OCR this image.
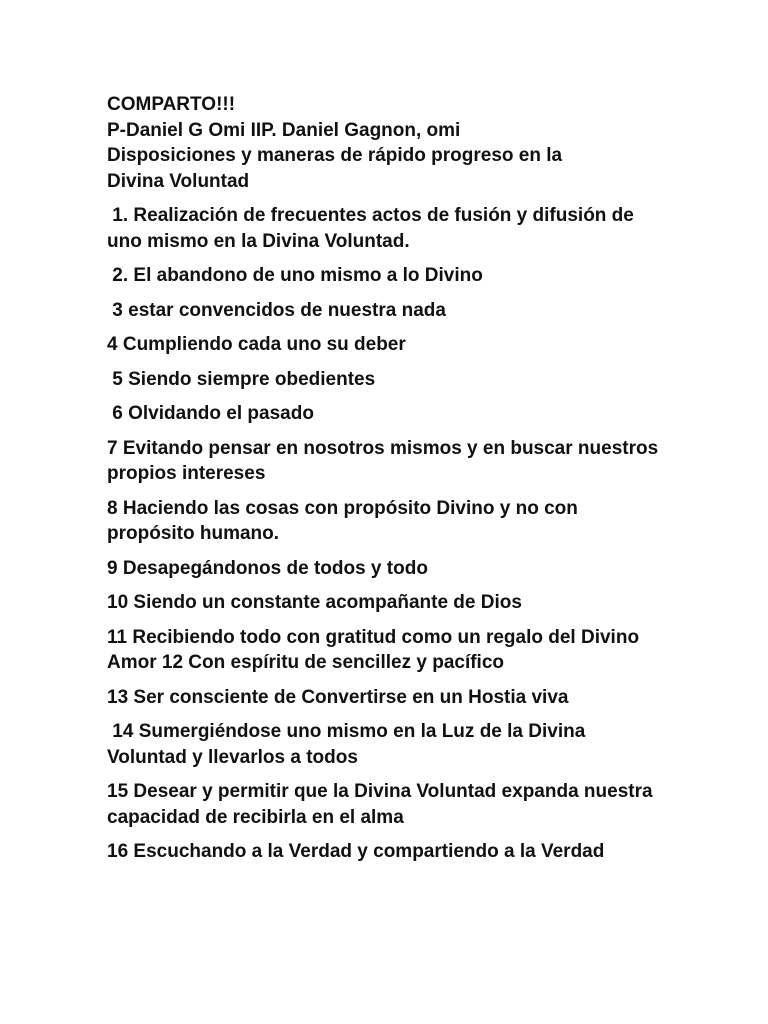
COMPARTO!!!
P-Daniel G Omi IIP. Daniel Gagnon, omi
Disposiciones y maneras de rápido progreso en la
Divina Voluntad
1. Realización de frecuentes actos de fusión y difusión de uno mismo en la Divina Voluntad.
2. El abandono de uno mismo a lo Divino
3 estar convencidos de nuestra nada
4 Cumpliendo cada uno su deber
5 Siendo siempre obedientes
6 Olvidando el pasado
7 Evitando pensar en nosotros mismos y en buscar nuestros propios intereses
8 Haciendo las cosas con propósito Divino y no con propósito humano.
9 Desapegándonos de todos y todo
10 Siendo un constante acompañante de Dios
11 Recibiendo todo con gratitud como un regalo del Divino Amor 12 Con espíritu de sencillez y pacífico
13 Ser consciente de Convertirse en un Hostia viva
14 Sumergiéndose uno mismo en la Luz de la Divina Voluntad y llevarlos a todos
15 Desear y permitir que la Divina Voluntad expanda nuestra capacidad de recibirla en el alma
16 Escuchando a la Verdad y compartiendo a la Verdad
